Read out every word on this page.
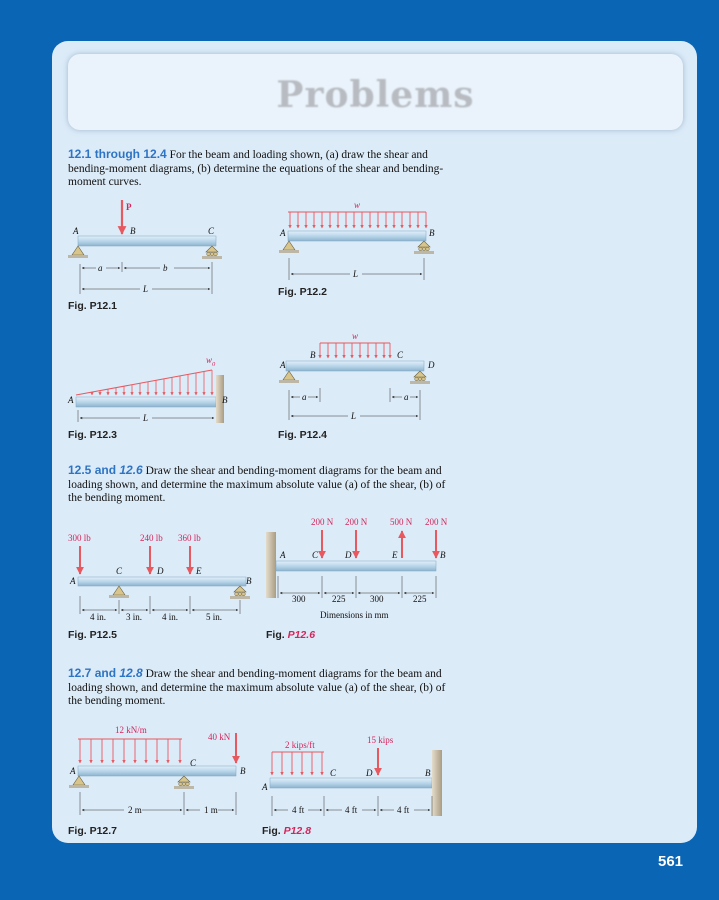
Problems
12.1 through 12.4 For the beam and loading shown, (a) draw the shear and bending-moment diagrams, (b) determine the equations of the shear and bending-moment curves.
12.5 and 12.6 Draw the shear and bending-moment diagrams for the beam and loading shown, and determine the maximum absolute value (a) of the shear, (b) of the bending moment.
12.7 and 12.8 Draw the shear and bending-moment diagrams for the beam and loading shown, and determine the maximum absolute value (a) of the shear, (b) of the bending moment.
Fig. P12.1
Fig. P12.2
Fig. P12.3	Fig. P12.4
Fig. P12.5	Fig. P12.6
Fig. P12.7	Fig. P12.8
561
P
A	B	C
a	b
L
w
A	B
L
w 0
A	B
L
w
A
B	C
D
a	a
L
300 lb	240 lb 360 lb
A
C	D	E
B
4 in. 3 in. 4 in.	5 in.
200 N 200 N	500 N 200 N
A	C	D	E	B
300	225	300	225
Dimensions in mm
12 kN/m
40 kN
A
C
B
2 m	1 m
2 kips/ft	15 kips
A
C	D	B
4 ft	4 ft	4 ft
